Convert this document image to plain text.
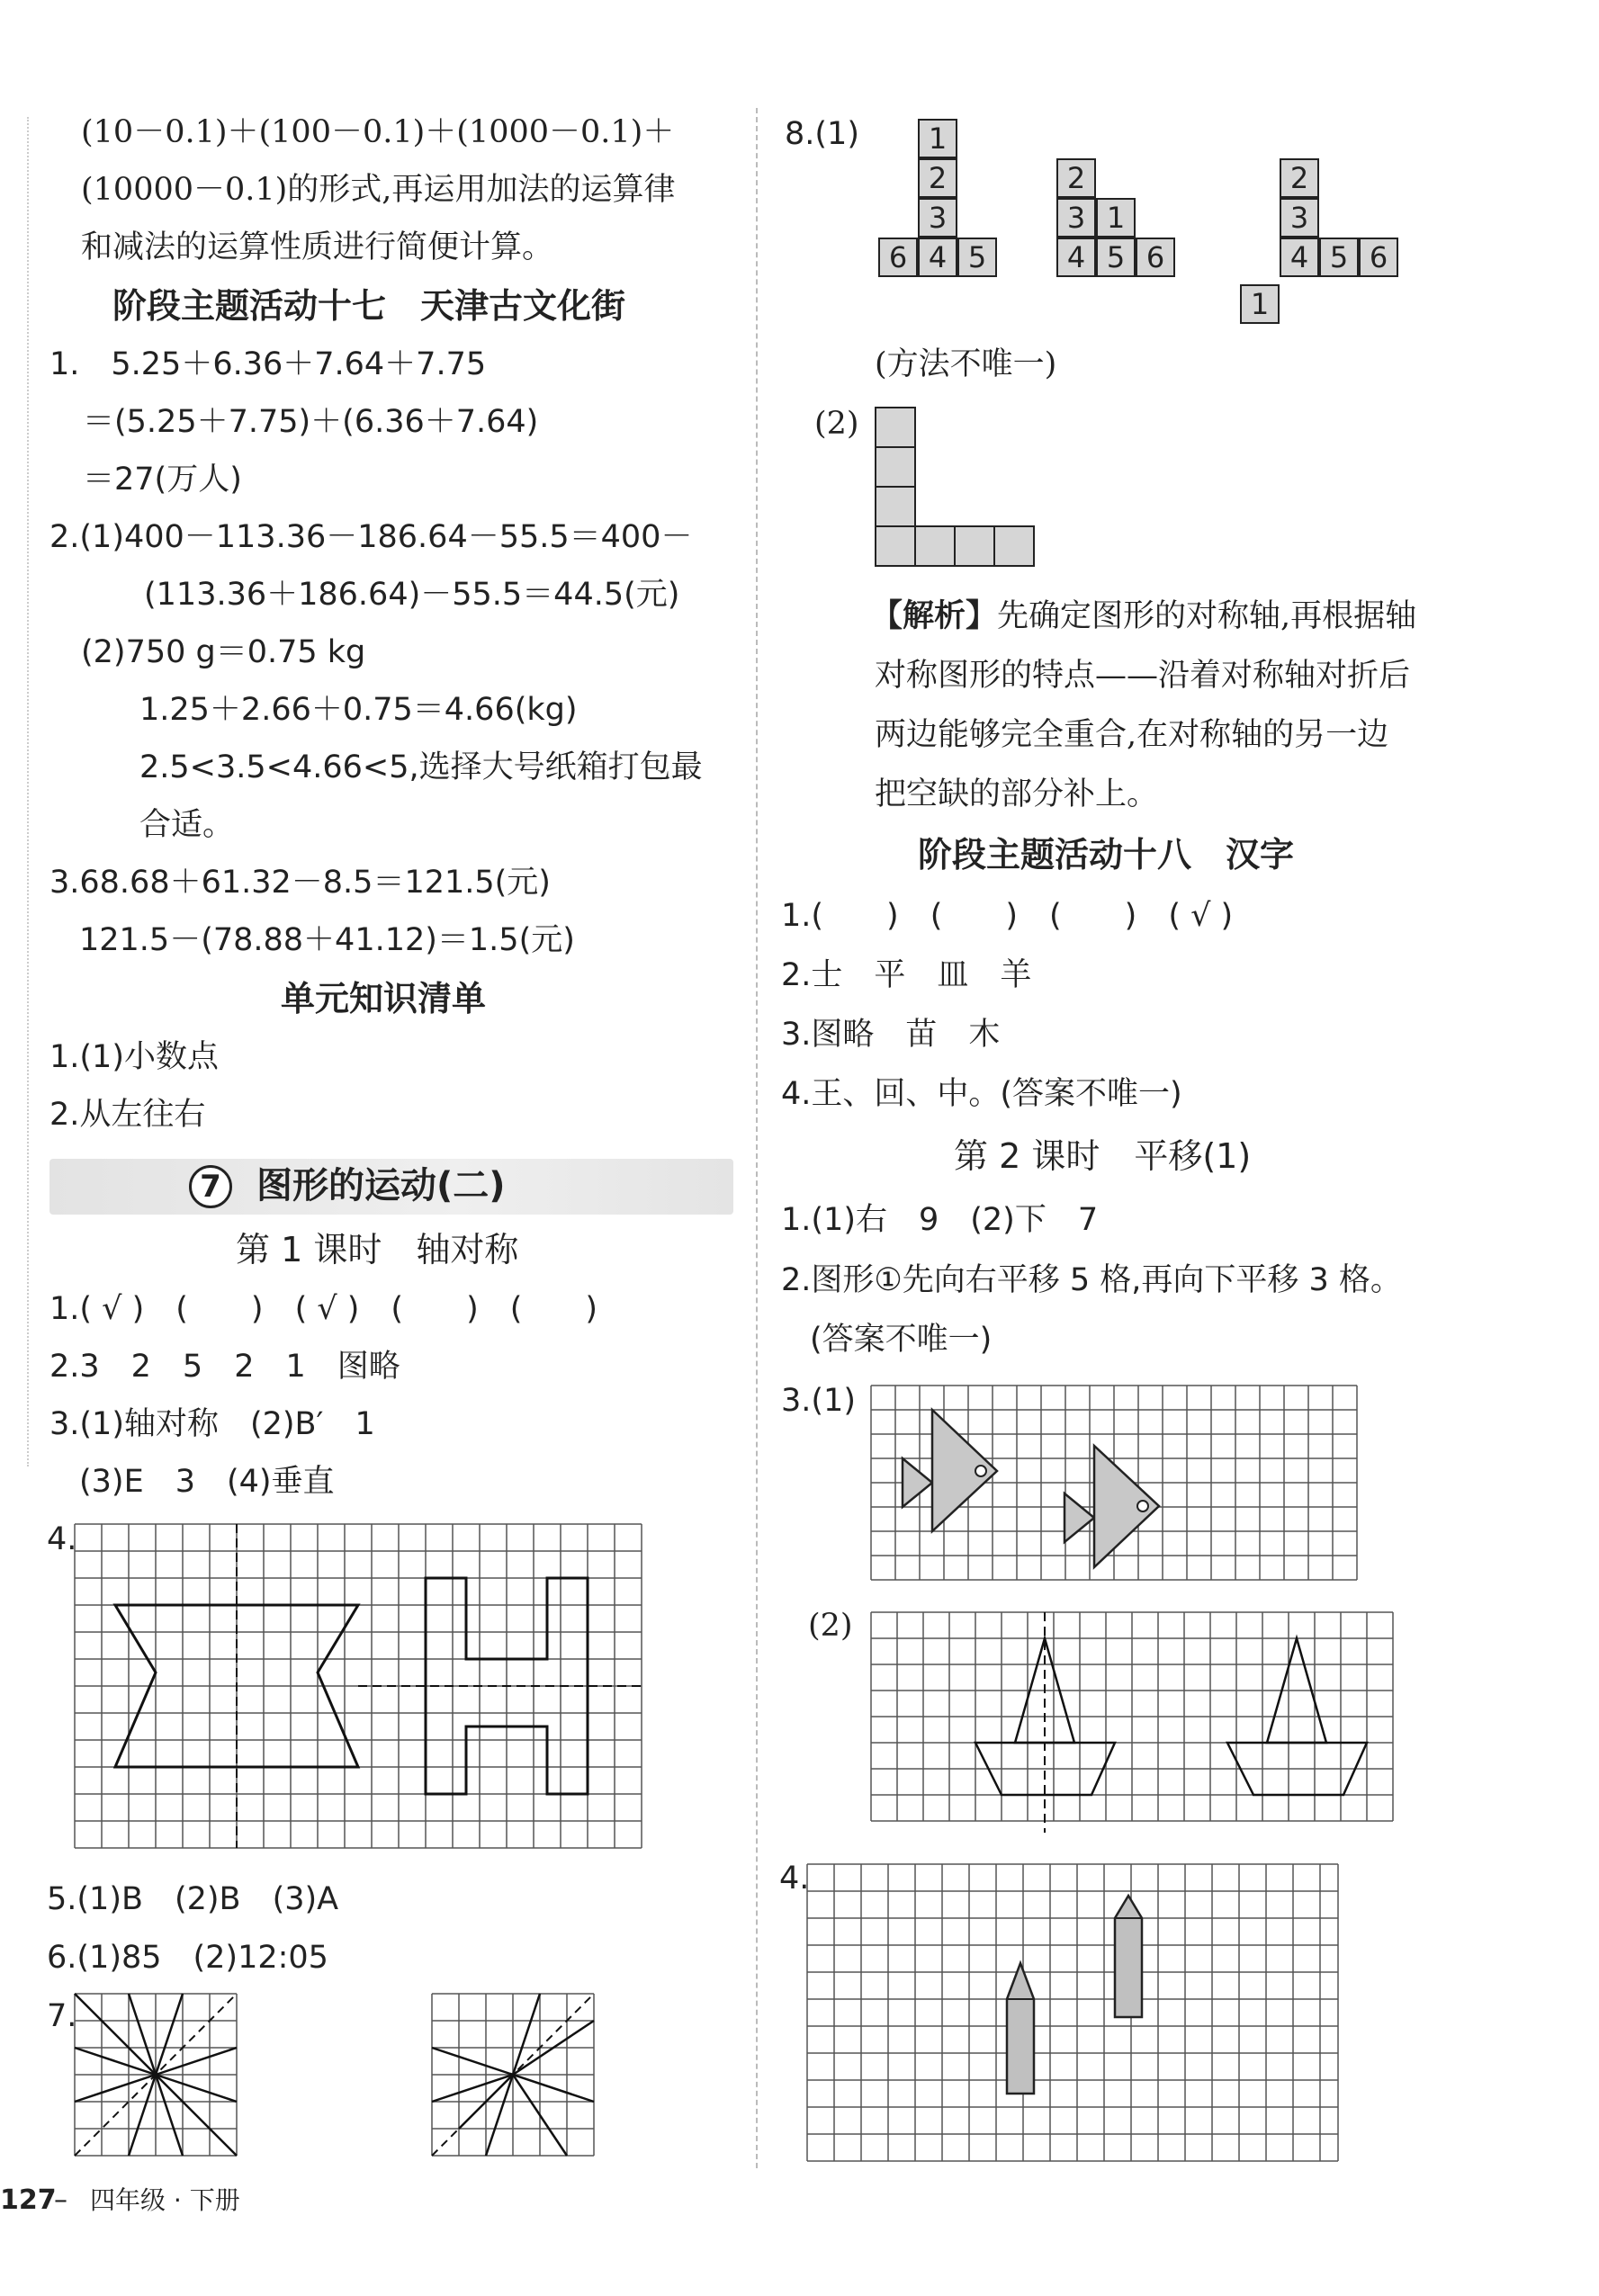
(10－0.1)＋(100－0.1)＋(1000－0.1)＋
(10000－0.1)的形式,再运用加法的运算律
和减法的运算性质进行简便计算。
阶段主题活动十七　天津古文化街
1.　5.25＋6.36＋7.64＋7.75
＝(5.25＋7.75)＋(6.36＋7.64)
＝27(万人)
2.(1)400－113.36－186.64－55.5＝400－
(113.36＋186.64)－55.5＝44.5(元)
(2)750 g＝0.75 kg
1.25＋2.66＋0.75＝4.66(kg)
2.5<3.5<4.66<5,选择大号纸箱打包最
合适。
3.68.68＋61.32－8.5＝121.5(元)
121.5－(78.88＋41.12)＝1.5(元)
单元知识清单
1.(1)小数点
2.从左往右
7 图形的运动(二)
第 1 课时　轴对称
1.( √ )　(　　)　( √ )　(　　)　(　　)
2.3　2　5　2　1　图略
3.(1)轴对称　(2)B′　1
(3)E　3　(4)垂直
4.
5.(1)B　(2)B　(3)A
6.(1)85　(2)12:05
7.
8.(1)	1
2
3
6 4 5
2
3 1
4 5 6
2
3
4 5 6
1
(方法不唯一)
(2)
【解析】先确定图形的对称轴,再根据轴
对称图形的特点——沿着对称轴对折后
两边能够完全重合,在对称轴的另一边
把空缺的部分补上。
阶段主题活动十八　汉字
1.(　　)　(　　)　(　　)　( √ )
2.士　平　皿　羊
3.图略　苗　木
4.王、回、中。(答案不唯一)
第 2 课时　平移(1)
1.(1)右　9　(2)下　7
2.图形①先向右平移 5 格,再向下平移 3 格。
(答案不唯一)
3.(1)
(2)
4.
127
– 四年级 · 下册
